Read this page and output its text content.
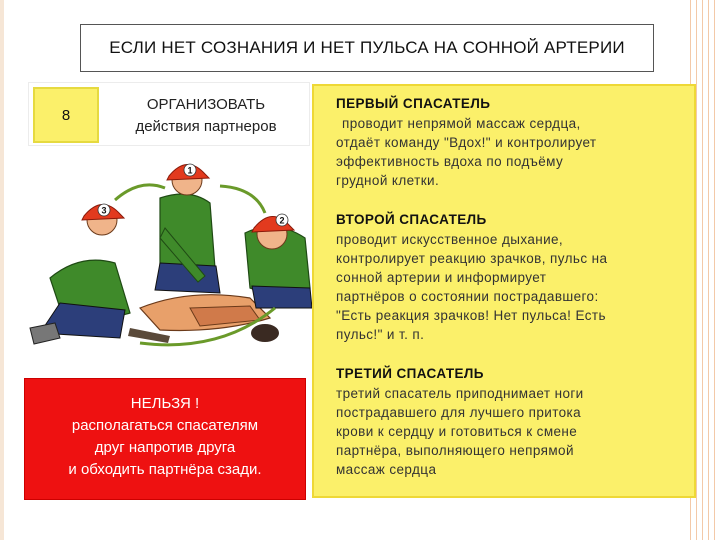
ЕСЛИ НЕТ СОЗНАНИЯ И НЕТ ПУЛЬСА НА СОННОЙ АРТЕРИИ
8
ОРГАНИЗОВАТЬ
действия партнеров
3
1
2
НЕЛЬЗЯ !
располагаться спасателям
друг напротив друга
и обходить партнёра сзади.
ПЕРВЫЙ СПАСАТЕЛЬ
проводит непрямой массаж сердца,
отдаёт команду "Вдох!" и контролирует
эффективность вдоха по подъёму
грудной клетки.
ВТОРОЙ СПАСАТЕЛЬ
проводит искусственное дыхание,
контролирует реакцию зрачков, пульс на
сонной артерии и информирует
партнёров о состоянии пострадавшего:
"Есть реакция зрачков! Нет пульса! Есть
пульс!" и т. п.
ТРЕТИЙ СПАСАТЕЛЬ
третий спасатель приподнимает ноги
пострадавшего для лучшего притока
крови к сердцу и готовиться к смене
партнёра, выполняющего непрямой
массаж сердца
